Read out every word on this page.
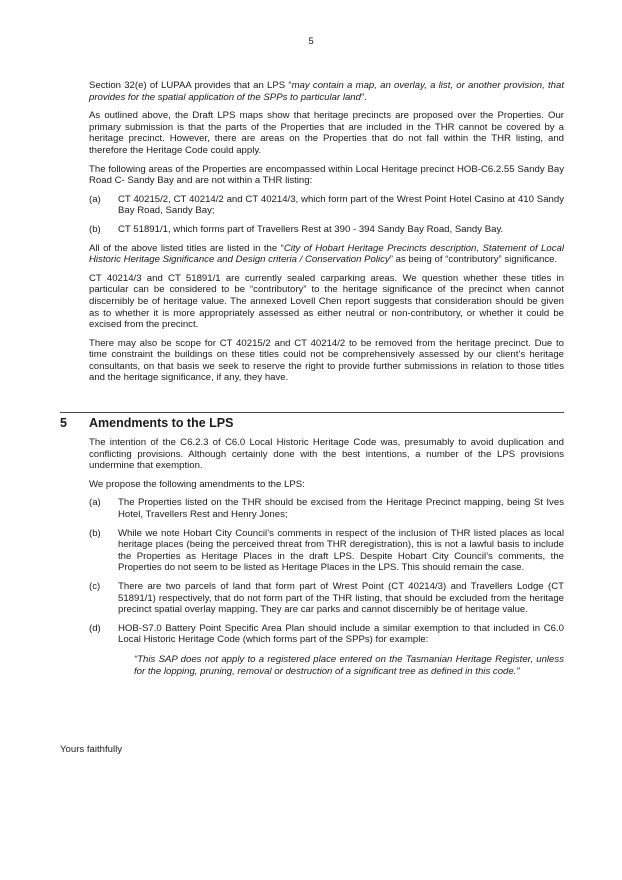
5

Section 32(e) of LUPAA provides that an LPS “may contain a map, an overlay, a list, or another provision, that provides for the spatial application of the SPPs to particular land”.

As outlined above, the Draft LPS maps show that heritage precincts are proposed over the Properties. Our primary submission is that the parts of the Properties that are included in the THR cannot be covered by a heritage precinct. However, there are areas on the Properties that do not fall within the THR listing, and therefore the Heritage Code could apply.

The following areas of the Properties are encompassed within Local Heritage precinct HOB-C6.2.55 Sandy Bay Road C- Sandy Bay and are not within a THR listing:

(a)	CT 40215/2, CT 40214/2 and CT 40214/3, which form part of the Wrest Point Hotel Casino at 410 Sandy Bay Road, Sandy Bay;
(b)	CT 51891/1, which forms part of Travellers Rest at 390 - 394 Sandy Bay Road, Sandy Bay.

All of the above listed titles are listed in the “City of Hobart Heritage Precincts description, Statement of Local Historic Heritage Significance and Design criteria / Conservation Policy” as being of “contributory” significance.

CT 40214/3 and CT 51891/1 are currently sealed carparking areas. We question whether these titles in particular can be considered to be “contributory” to the heritage significance of the precinct when cannot discernibly be of heritage value. The annexed Lovell Chen report suggests that consideration should be given as to whether it is more appropriately assessed as either neutral or non-contributory, or whether it could be excised from the precinct.

There may also be scope for CT 40215/2 and CT 40214/2 to be removed from the heritage precinct. Due to time constraint the buildings on these titles could not be comprehensively assessed by our client’s heritage consultants, on that basis we seek to reserve the right to provide further submissions in relation to those titles and the heritage significance, if any, they have.

5 Amendments to the LPS

The intention of the C6.2.3 of C6.0 Local Historic Heritage Code was, presumably to avoid duplication and conflicting provisions. Although certainly done with the best intentions, a number of the LPS provisions undermine that exemption.

We propose the following amendments to the LPS:

(a)	The Properties listed on the THR should be excised from the Heritage Precinct mapping, being St Ives Hotel, Travellers Rest and Henry Jones;
(b)	While we note Hobart City Council’s comments in respect of the inclusion of THR listed places as local heritage places (being the perceived threat from THR deregistration), this is not a lawful basis to include the Properties as Heritage Places in the draft LPS. Despite Hobart City Council’s comments, the Properties do not seem to be listed as Heritage Places in the LPS. This should remain the case.
(c)	There are two parcels of land that form part of Wrest Point (CT 40214/3) and Travellers Lodge (CT 51891/1) respectively, that do not form part of the THR listing, that should be excluded from the heritage precinct spatial overlay mapping. They are car parks and cannot discernibly be of heritage value.
(d)	HOB-S7.0 Battery Point Specific Area Plan should include a similar exemption to that included in C6.0 Local Historic Heritage Code (which forms part of the SPPs) for example:
“This SAP does not apply to a registered place entered on the Tasmanian Heritage Register, unless for the lopping, pruning, removal or destruction of a significant tree as defined in this code.”
Yours faithfully
